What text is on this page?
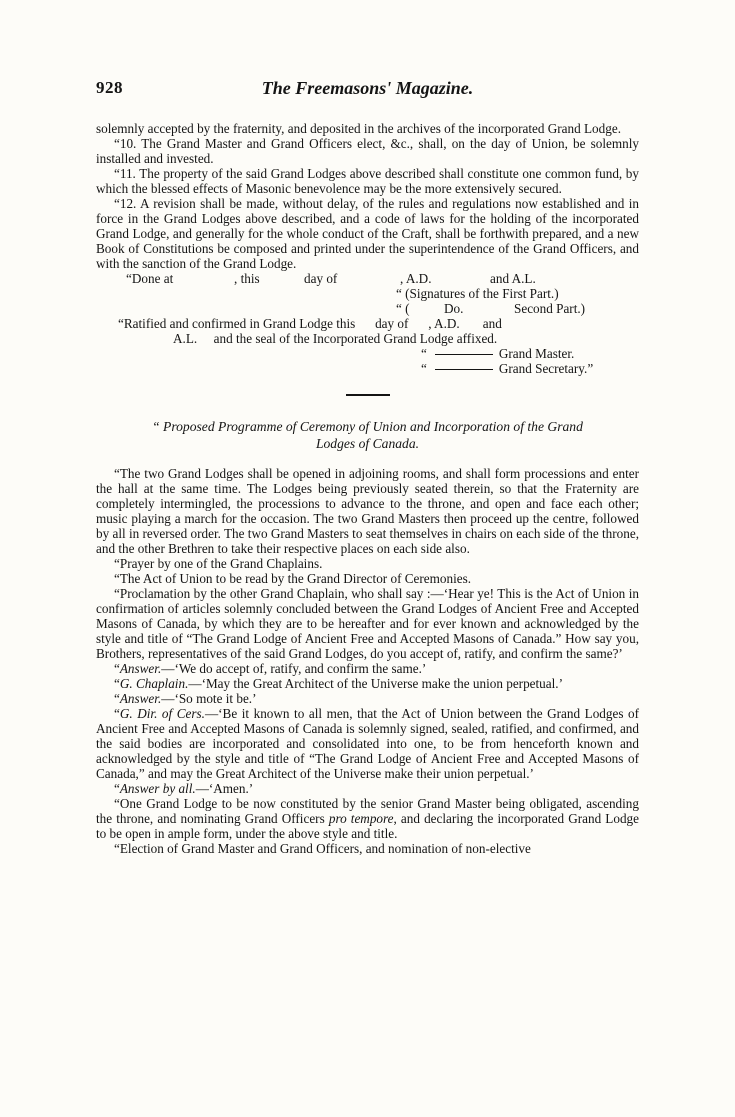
928	The Freemasons' Magazine.

solemnly accepted by the fraternity, and deposited in the archives of the incorporated Grand Lodge.

“10. The Grand Master and Grand Officers elect, &c., shall, on the day of Union, be solemnly installed and invested.

“11. The property of the said Grand Lodges above described shall constitute one common fund, by which the blessed effects of Masonic benevolence may be the more extensively secured.

“12. A revision shall be made, without delay, of the rules and regulations now established and in force in the Grand Lodges above described, and a code of laws for the holding of the incorporated Grand Lodge, and generally for the whole conduct of the Craft, shall be forthwith prepared, and a new Book of Constitutions be composed and printed under the superintendence of the Grand Officers, and with the sanction of the Grand Lodge.

“Done at	, this	day of	, A.D.	and A.L.
“ (Signatures of the First Part.)
“ (	Do.	Second Part.)

“Ratified and confirmed in Grand Lodge this      day of      , A.D.       and

A.L.     and the seal of the Incorporated Grand Lodge affixed.

“	Grand Master.
“	Grand Secretary.”
“ Proposed Programme of Ceremony of Union and Incorporation of the Grand
Lodges of Canada.

“The two Grand Lodges shall be opened in adjoining rooms, and shall form processions and enter the hall at the same time. The Lodges being previously seated therein, so that the Fraternity are completely intermingled, the processions to advance to the throne, and open and face each other; music playing a march for the occasion. The two Grand Masters then proceed up the centre, followed by all in reversed order. The two Grand Masters to seat themselves in chairs on each side of the throne, and the other Brethren to take their respective places on each side also.

“Prayer by one of the Grand Chaplains.

“The Act of Union to be read by the Grand Director of Ceremonies.

“Proclamation by the other Grand Chaplain, who shall say :—‘Hear ye! This is the Act of Union in confirmation of articles solemnly concluded between the Grand Lodges of Ancient Free and Accepted Masons of Canada, by which they are to be hereafter and for ever known and acknowledged by the style and title of “The Grand Lodge of Ancient Free and Accepted Masons of Canada.” How say you, Brothers, representatives of the said Grand Lodges, do you accept of, ratify, and confirm the same?’

“Answer.—‘We do accept of, ratify, and confirm the same.’

“G. Chaplain.—‘May the Great Architect of the Universe make the union perpetual.’

“Answer.—‘So mote it be.’

“G. Dir. of Cers.—‘Be it known to all men, that the Act of Union between the Grand Lodges of Ancient Free and Accepted Masons of Canada is solemnly signed, sealed, ratified, and confirmed, and the said bodies are incorporated and consolidated into one, to be from henceforth known and acknowledged by the style and title of “The Grand Lodge of Ancient Free and Accepted Masons of Canada,” and may the Great Architect of the Universe make their union perpetual.’

“Answer by all.—‘Amen.’

“One Grand Lodge to be now constituted by the senior Grand Master being obligated, ascending the throne, and nominating Grand Officers pro tempore, and declaring the incorporated Grand Lodge to be open in ample form, under the above style and title.

“Election of Grand Master and Grand Officers, and nomination of non-elective
